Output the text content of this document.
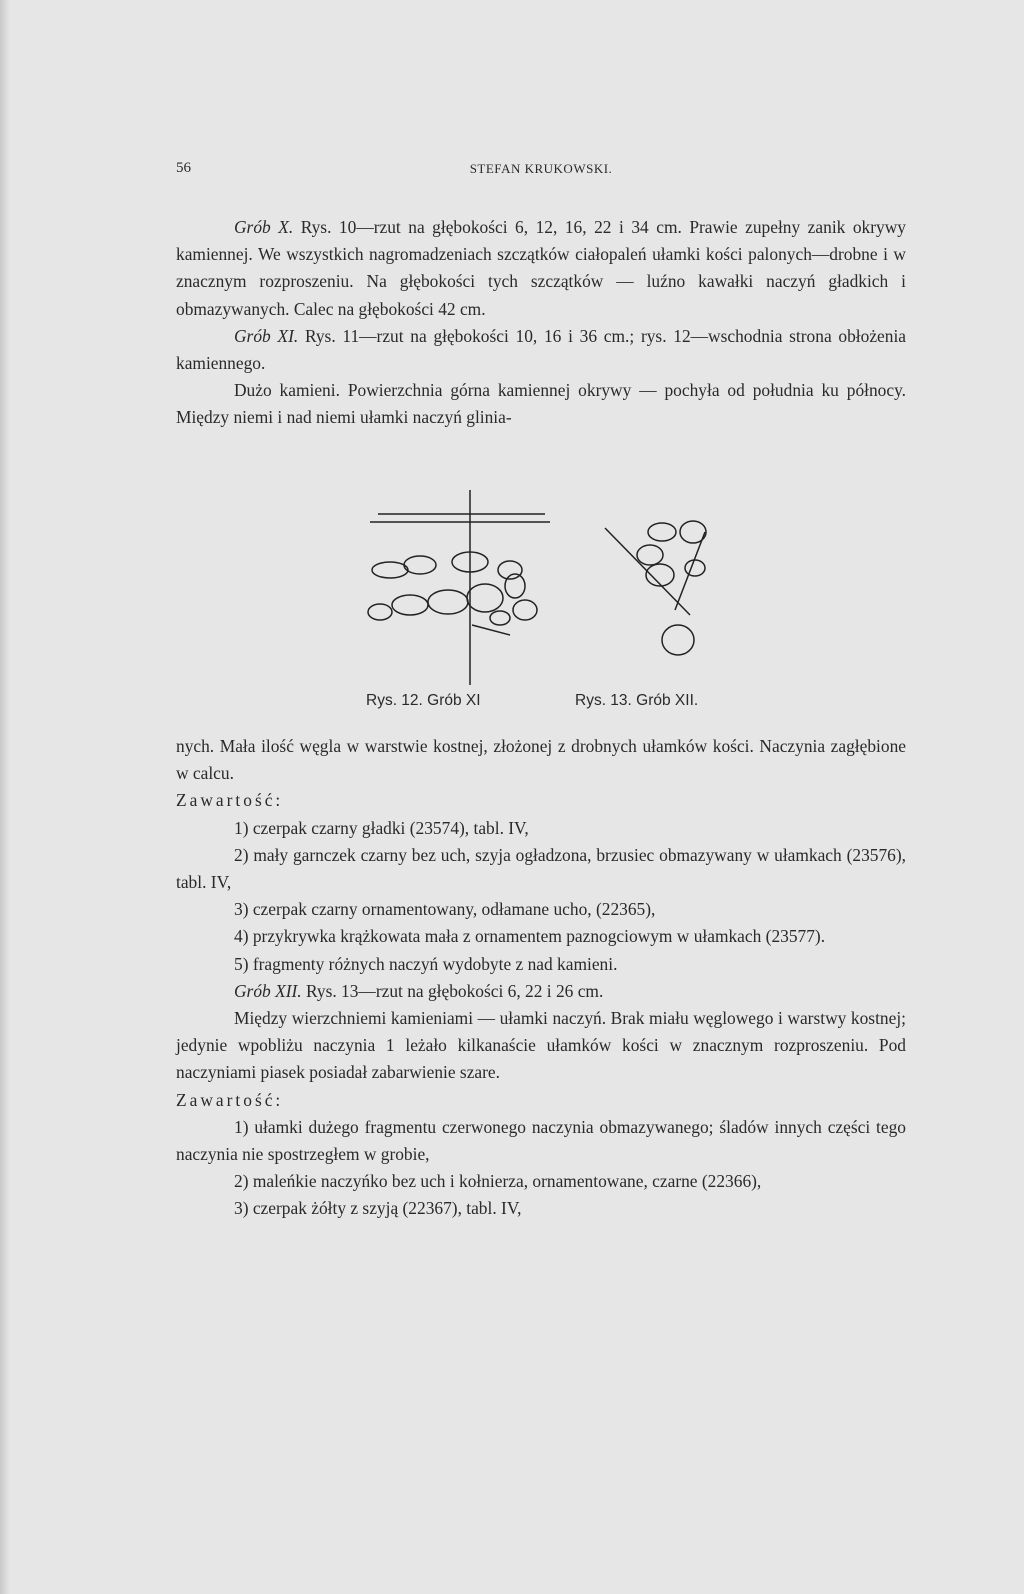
56	STEFAN KRUKOWSKI.

Grób X. Rys. 10—rzut na głębokości 6, 12, 16, 22 i 34 cm. Prawie zupełny zanik okrywy kamiennej. We wszystkich nagromadzeniach szczątków ciałopaleń ułamki kości palonych—drobne i w znacznym rozproszeniu. Na głębokości tych szczątków — luźno kawałki naczyń gładkich i obmazywanych. Calec na głębokości 42 cm.

Grób XI. Rys. 11—rzut na głębokości 10, 16 i 36 cm.; rys. 12—wschodnia strona obłożenia kamiennego.

Dużo kamieni. Powierzchnia górna kamiennej okrywy — pochyła od południa ku północy. Między niemi i nad niemi ułamki naczyń glinia-

Rys. 12. Grób XI	Rys. 13. Grób XII.

nych. Mała ilość węgla w warstwie kostnej, złożonej z drobnych ułamków kości. Naczynia zagłębione w calcu.

Zawartość:

1) czerpak czarny gładki (23574), tabl. IV,

2) mały garnczek czarny bez uch, szyja ogładzona, brzusiec obmazywany w ułamkach (23576), tabl. IV,

3) czerpak czarny ornamentowany, odłamane ucho, (22365),

4) przykrywka krążkowata mała z ornamentem paznogciowym w ułamkach (23577).

5) fragmenty różnych naczyń wydobyte z nad kamieni.

Grób XII. Rys. 13—rzut na głębokości 6, 22 i 26 cm.

Między wierzchniemi kamieniami — ułamki naczyń. Brak miału węglowego i warstwy kostnej; jedynie wpobliżu naczynia 1 leżało kilkanaście ułamków kości w znacznym rozproszeniu. Pod naczyniami piasek posiadał zabarwienie szare.

Zawartość:

1) ułamki dużego fragmentu czerwonego naczynia obmazywanego; śladów innych części tego naczynia nie spostrzegłem w grobie,

2) maleńkie naczyńko bez uch i kołnierza, ornamentowane, czarne (22366),

3) czerpak żółty z szyją (22367), tabl. IV,
